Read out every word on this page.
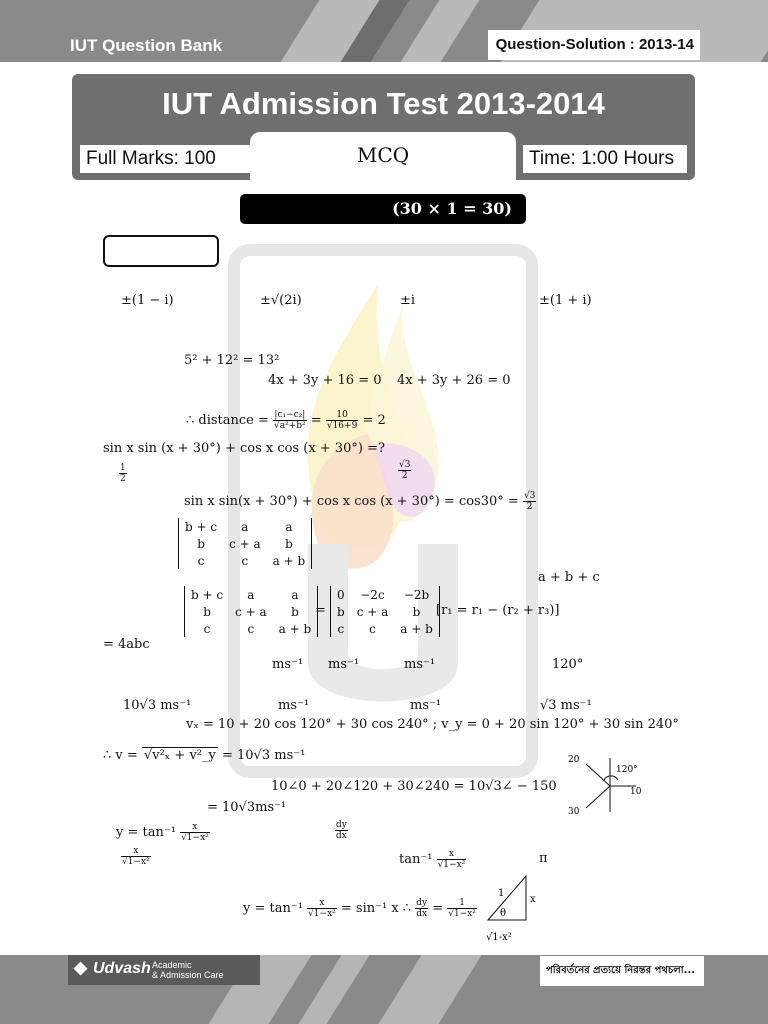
IUT Question Bank	Question-Solution : 2013-14
IUT Admission Test 2013-2014
MCQ
Full Marks: 100	Time: 1:00 Hours
(30 × 1 = 30)
±(1 − i)	±√(2i)	±i	±(1 + i)
5² + 12² = 13²
4x + 3y + 16 = 0 4x + 3y + 26 = 0
∴ distance = $\frac{\text{|c₁−c₂|}}{\text{√a²+b²}} = \frac{10}{√16+9} = 2$
sin x sin (x + 30°) + cos x cos (x + 30°) =?
$\frac{1}{2}$	$\frac{√3}{2}$
sin x sin(x + 30°) + cos x $\cos (x + 30^\circ) = \cos 30^\circ = \frac{√3}{2}$
b + c	a	a
b	c + a	b
c	c	a + b
a + b + c
b + c	a	a
b	c + a	b
c	c	a + b
=
0	−2c	−2b
b	c + a	b
c	c	a + b
[r₁ = r₁ − (r₂ + r₃)]
= 4abc
ms⁻¹ ms⁻¹	ms⁻¹	120°
10√3 ms⁻¹	ms⁻¹	ms⁻¹	√3 ms⁻¹
vₓ = 10 + 20 cos 120° + 30 cos 240° ; v_y = 0 + 20 sin 120° + 30 sin 240°
∴ v = √v²ₓ + v²_y = 10√3 ms⁻¹
10∠0 + 20∠120 + 30∠240 = 10√3∠ − 150
= 10√3ms⁻¹
20
120°
10
30
$y = \tan^{-1} \frac{x}{\text{√1−x²}}$	$\frac{dy}{dx}$
$\frac{x}{\text{√1−x²}}$	$\tan^{-1} \frac{x}{\text{√1−x²}}$	π
$y = \tan^{-1} \frac{x}{\text{√1−x²}} = \sin^{-1}$ x ∴ $\frac{dy}{dx} = \frac{1}{\text{√1−x²}}$
1
x
θ
√1-x²
◆ Udvash Academic
& Admission Care	পরিবর্তনের প্রত্যয়ে নিরন্তর পথচলা...
